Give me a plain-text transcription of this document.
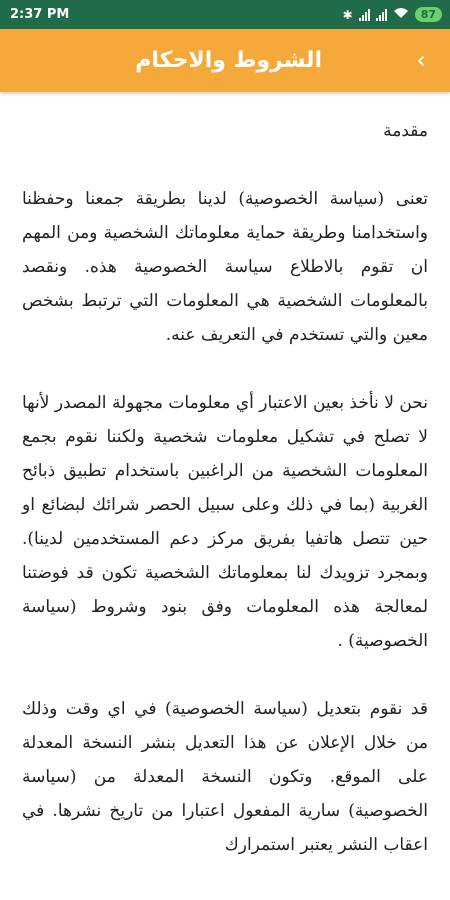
2:37 PM	✱	87
الشروط والاحكام	‹

مقدمة

تعنى (سياسة الخصوصية) لدينا بطريقة جمعنا وحفظنا واستخدامنا وطريقة حماية معلوماتك الشخصية ومن المهم ان تقوم بالاطلاع سياسة الخصوصية هذه. ونقصد بالمعلومات الشخصية هي المعلومات التي ترتبط بشخص معين والتي تستخدم في التعريف عنه.

نحن لا نأخذ بعين الاعتبار أي معلومات مجهولة المصدر لأنها لا تصلح في تشكيل معلومات شخصية ولكننا نقوم بجمع المعلومات الشخصية من الراغبين باستخدام تطبيق ذبائح الغربية (بما في ذلك وعلى سبيل الحصر شرائك لبضائع او حين تتصل هاتفيا بفريق مركز دعم المستخدمين لدينا). وبمجرد تزويدك لنا بمعلوماتك الشخصية تكون قد فوضتنا لمعالجة هذه المعلومات وفق بنود وشروط (سياسة الخصوصية) .

قد نقوم بتعديل (سياسة الخصوصية) في اي وقت وذلك من خلال الإعلان عن هذا التعديل بنشر النسخة المعدلة على الموقع. وتكون النسخة المعدلة من (سياسة الخصوصية) سارية المفعول اعتبارا من تاريخ نشرها. في اعقاب النشر يعتبر استمرارك
